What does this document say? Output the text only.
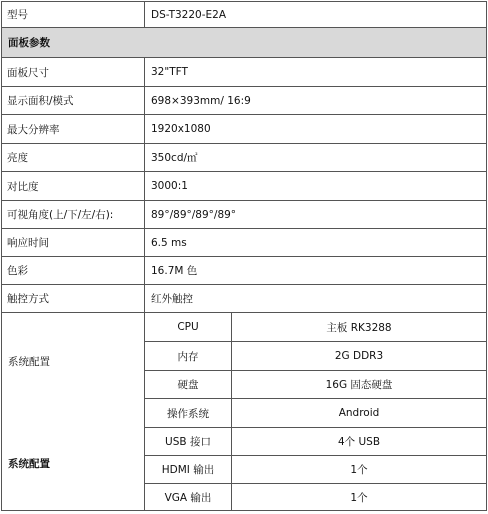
型号	DS-T3220-E2A	
面板参数		
面板尺寸	32"TFT	
显示面积/模式	698×393mm/ 16:9	
最大分辨率	1920x1080	
亮度	350cd/㎡	
对比度	3000:1	
可视角度(上/下/左/右):	89°/89°/89°/89°	
响应时间	6.5 ms	
色彩	16.7M 色	
触控方式	红外触控	

系统配置
系统配置	CPU	主板 RK3288
	内存	2G DDR3
	硬盘	16G 固态硬盘
	操作系统	Android
	USB 接口	4个 USB
	HDMI 输出	1个
	VGA 输出	1个
